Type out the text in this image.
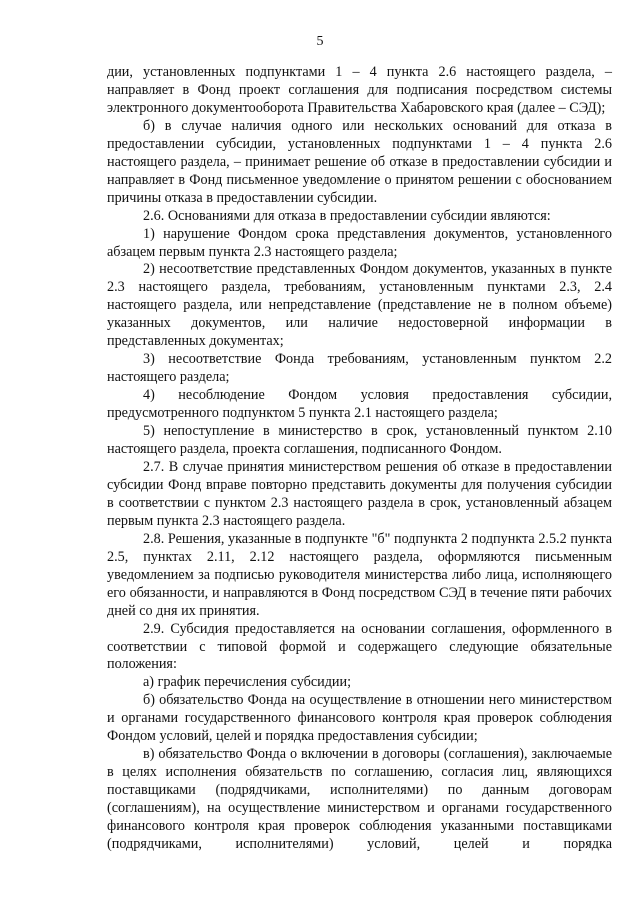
5

дии, установленных подпунктами 1 – 4 пункта 2.6 настоящего раздела, – направляет в Фонд проект соглашения для подписания посредством системы электронного документооборота Правительства Хабаровского края (далее – СЭД);

б) в случае наличия одного или нескольких оснований для отказа в предоставлении субсидии, установленных подпунктами 1 – 4 пункта 2.6 настоящего раздела, – принимает решение об отказе в предоставлении субсидии и направляет в Фонд письменное уведомление о принятом решении с обоснованием причины отказа в предоставлении субсидии.

2.6. Основаниями для отказа в предоставлении субсидии являются:

1) нарушение Фондом срока представления документов, установленного абзацем первым пункта 2.3 настоящего раздела;

2) несоответствие представленных Фондом документов, указанных в пункте 2.3 настоящего раздела, требованиям, установленным пунктами 2.3, 2.4 настоящего раздела, или непредставление (представление не в полном объеме) указанных документов, или наличие недостоверной информации в представленных документах;

3) несоответствие Фонда требованиям, установленным пунктом 2.2 настоящего раздела;

4) несоблюдение Фондом условия предоставления субсидии, предусмотренного подпунктом 5 пункта 2.1 настоящего раздела;

5) непоступление в министерство в срок, установленный пунктом 2.10 настоящего раздела, проекта соглашения, подписанного Фондом.

2.7. В случае принятия министерством решения об отказе в предоставлении субсидии Фонд вправе повторно представить документы для получения субсидии в соответствии с пунктом 2.3 настоящего раздела в срок, установленный абзацем первым пункта 2.3 настоящего раздела.

2.8. Решения, указанные в подпункте "б" подпункта 2 подпункта 2.5.2 пункта 2.5, пунктах 2.11, 2.12 настоящего раздела, оформляются письменным уведомлением за подписью руководителя министерства либо лица, исполняющего его обязанности, и направляются в Фонд посредством СЭД в течение пяти рабочих дней со дня их принятия.

2.9. Субсидия предоставляется на основании соглашения, оформленного в соответствии с типовой формой и содержащего следующие обязательные положения:

а) график перечисления субсидии;

б) обязательство Фонда на осуществление в отношении него министерством и органами государственного финансового контроля края проверок соблюдения Фондом условий, целей и порядка предоставления субсидии;

в) обязательство Фонда о включении в договоры (соглашения), заключаемые в целях исполнения обязательств по соглашению, согласия лиц, являющихся поставщиками (подрядчиками, исполнителями) по данным договорам (соглашениям), на осуществление министерством и органами государственного финансового контроля края проверок соблюдения указанными поставщиками (подрядчиками, исполнителями) условий, целей и порядка
